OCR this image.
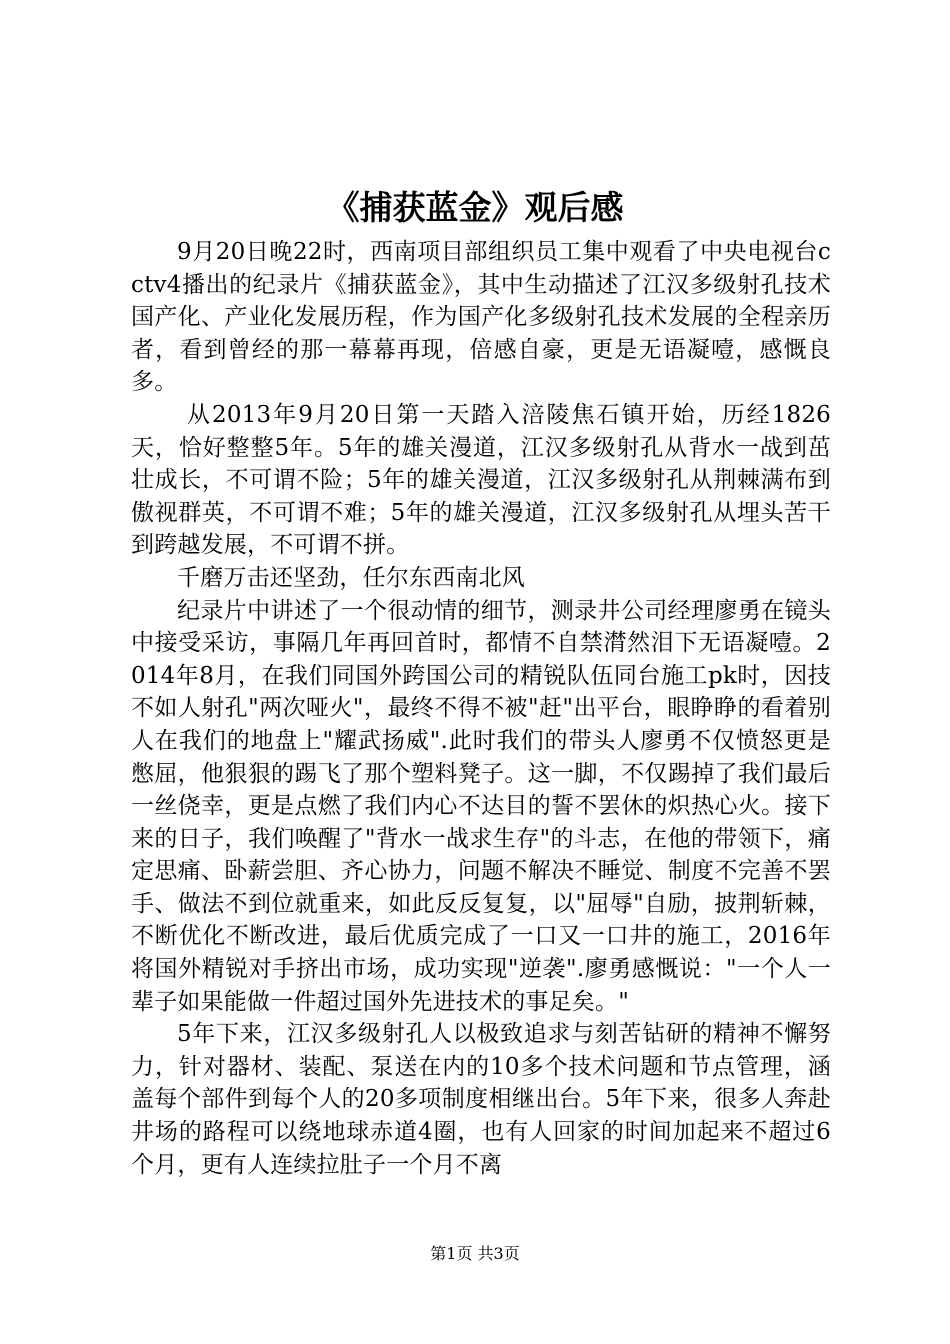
《捕获蓝金》观后感

9月20日晚22时，西南项目部组织员工集中观看了中央电视台cctv4播出的纪录片《捕获蓝金》，其中生动描述了江汉多级射孔技术国产化、产业化发展历程，作为国产化多级射孔技术发展的全程亲历者，看到曾经的那一幕幕再现，倍感自豪，更是无语凝噎，感慨良多。

从2013年9月20日第一天踏入涪陵焦石镇开始，历经1826天，恰好整整5年。5年的雄关漫道，江汉多级射孔从背水一战到茁壮成长，不可谓不险；5年的雄关漫道，江汉多级射孔从荆棘满布到傲视群英，不可谓不难；5年的雄关漫道，江汉多级射孔从埋头苦干到跨越发展，不可谓不拼。

千磨万击还坚劲，任尔东西南北风

纪录片中讲述了一个很动情的细节，测录井公司经理廖勇在镜头中接受采访，事隔几年再回首时，都情不自禁潸然泪下无语凝噎。2014年8月，在我们同国外跨国公司的精锐队伍同台施工pk时，因技不如人射孔"两次哑火"，最终不得不被"赶"出平台，眼睁睁的看着别人在我们的地盘上"耀武扬威".此时我们的带头人廖勇不仅愤怒更是憋屈，他狠狠的踢飞了那个塑料凳子。这一脚，不仅踢掉了我们最后一丝侥幸，更是点燃了我们内心不达目的誓不罢休的炽热心火。接下来的日子，我们唤醒了"背水一战求生存"的斗志，在他的带领下，痛定思痛、卧薪尝胆、齐心协力，问题不解决不睡觉、制度不完善不罢手、做法不到位就重来，如此反反复复，以"屈辱"自励，披荆斩棘，不断优化不断改进，最后优质完成了一口又一口井的施工，2016年将国外精锐对手挤出市场，成功实现"逆袭".廖勇感慨说："一个人一辈子如果能做一件超过国外先进技术的事足矣。"

5年下来，江汉多级射孔人以极致追求与刻苦钻研的精神不懈努力，针对器材、装配、泵送在内的10多个技术问题和节点管理，涵盖每个部件到每个人的20多项制度相继出台。5年下来，很多人奔赴井场的路程可以绕地球赤道4圈，也有人回家的时间加起来不超过6个月，更有人连续拉肚子一个月不离

第1页 共3页
